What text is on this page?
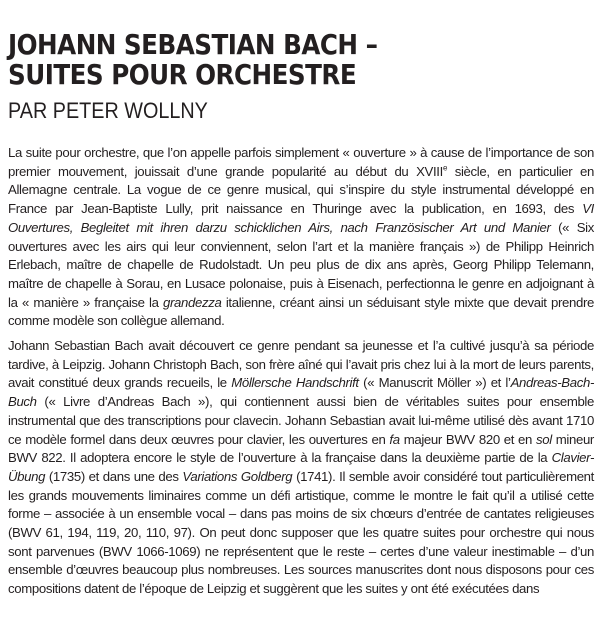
JOHANN SEBASTIAN BACH –
SUITES POUR ORCHESTRE
PAR PETER WOLLNY

La suite pour orchestre, que l’on appelle parfois simplement « ouverture » à cause de l’importance de son premier mouvement, jouissait d’une grande popularité au début du XVIIIe siècle, en particulier en Allemagne centrale. La vogue de ce genre musical, qui s’inspire du style instrumental développé en France par Jean-Baptiste Lully, prit naissance en Thuringe avec la publication, en 1693, des VI Ouvertures, Begleitet mit ihren darzu schicklichen Airs, nach Französischer Art und Manier (« Six ouvertures avec les airs qui leur conviennent, selon l’art et la manière français ») de Philipp Heinrich Erlebach, maître de chapelle de Rudolstadt. Un peu plus de dix ans après, Georg Philipp Telemann, maître de chapelle à Sorau, en Lusace polonaise, puis à Eisenach, perfectionna le genre en adjoignant à la « manière » française la grandezza italienne, créant ainsi un séduisant style mixte que devait prendre comme modèle son collègue allemand.

Johann Sebastian Bach avait découvert ce genre pendant sa jeunesse et l’a cultivé jusqu’à sa période tardive, à Leipzig. Johann Christoph Bach, son frère aîné qui l’avait pris chez lui à la mort de leurs parents, avait constitué deux grands recueils, le Möllersche Handschrift (« Manuscrit Möller ») et l’Andreas-Bach-Buch (« Livre d’Andreas Bach »), qui contiennent aussi bien de véritables suites pour ensemble instrumental que des transcriptions pour clavecin. Johann Sebastian avait lui-même utilisé dès avant 1710 ce modèle formel dans deux œuvres pour clavier, les ouvertures en fa majeur BWV 820 et en sol mineur BWV 822. Il adoptera encore le style de l’ouverture à la française dans la deuxième partie de la Clavier-Übung (1735) et dans une des Variations Goldberg (1741). Il semble avoir considéré tout particulièrement les grands mouvements liminaires comme un défi artistique, comme le montre le fait qu’il a utilisé cette forme – associée à un ensemble vocal – dans pas moins de six chœurs d’entrée de cantates religieuses (BWV 61, 194, 119, 20, 110, 97). On peut donc supposer que les quatre suites pour orchestre qui nous sont parvenues (BWV 1066-1069) ne représentent que le reste – certes d’une valeur inestimable – d’un ensemble d’œuvres beaucoup plus nombreuses. Les sources manuscrites dont nous disposons pour ces compositions datent de l’époque de Leipzig et suggèrent que les suites y ont été exécutées dans
